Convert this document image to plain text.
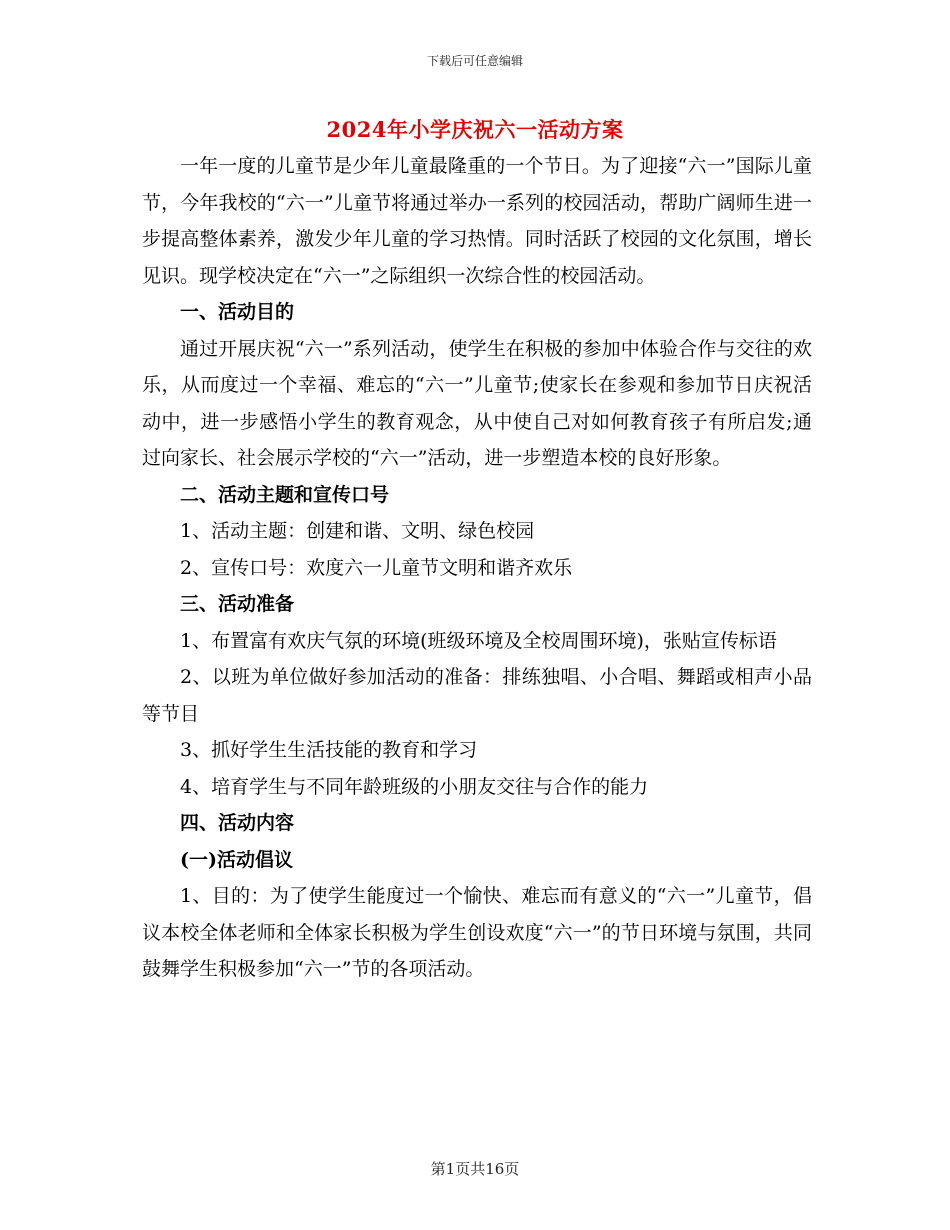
下载后可任意编辑
2024年小学庆祝六一活动方案
一年一度的儿童节是少年儿童最隆重的一个节日。为了迎接“六一”国际儿童节，今年我校的“六一”儿童节将通过举办一系列的校园活动，帮助广阔师生进一步提高整体素养，激发少年儿童的学习热情。同时活跃了校园的文化氛围，增长见识。现学校决定在“六一”之际组织一次综合性的校园活动。
一、活动目的
通过开展庆祝“六一”系列活动，使学生在积极的参加中体验合作与交往的欢乐，从而度过一个幸福、难忘的“六一”儿童节;使家长在参观和参加节日庆祝活动中，进一步感悟小学生的教育观念，从中使自己对如何教育孩子有所启发;通过向家长、社会展示学校的“六一”活动，进一步塑造本校的良好形象。
二、活动主题和宣传口号
1、活动主题：创建和谐、文明、绿色校园
2、宣传口号：欢度六一儿童节文明和谐齐欢乐
三、活动准备
1、布置富有欢庆气氛的环境(班级环境及全校周围环境)，张贴宣传标语
2、以班为单位做好参加活动的准备：排练独唱、小合唱、舞蹈或相声小品等节目
3、抓好学生生活技能的教育和学习
4、培育学生与不同年龄班级的小朋友交往与合作的能力
四、活动内容
(一)活动倡议
1、目的：为了使学生能度过一个愉快、难忘而有意义的“六一”儿童节，倡议本校全体老师和全体家长积极为学生创设欢度“六一”的节日环境与氛围，共同鼓舞学生积极参加“六一”节的各项活动。
第1页共16页
